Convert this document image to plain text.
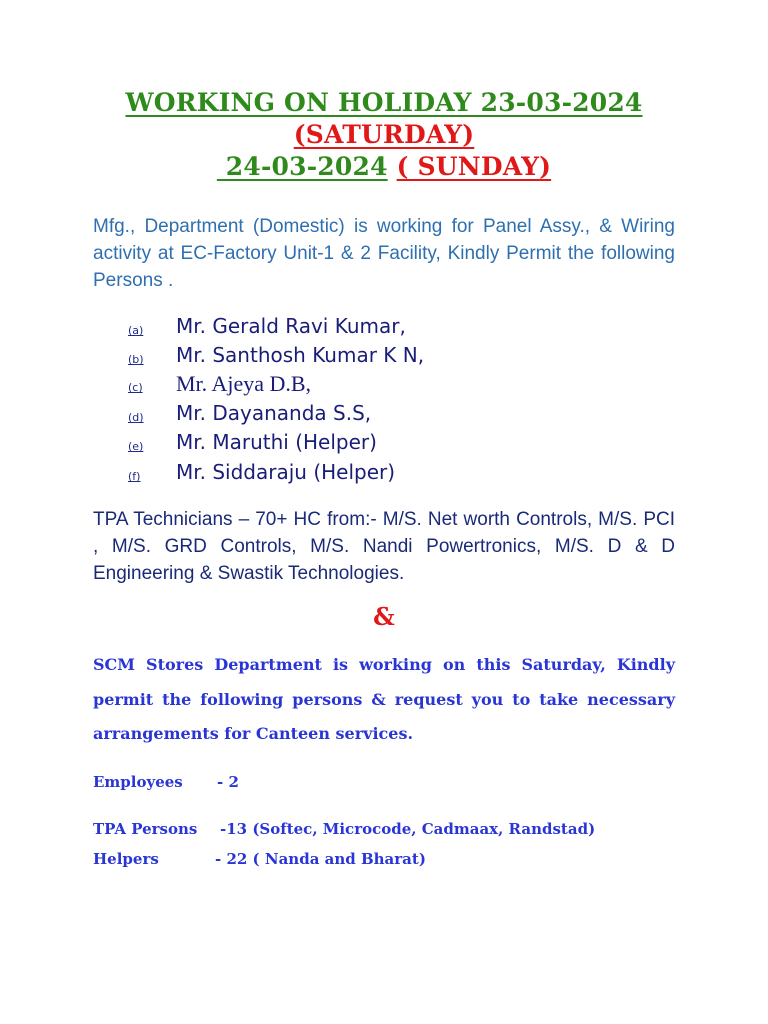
WORKING ON HOLIDAY 23-03-2024
(SATURDAY)
24-03-2024 ( SUNDAY)
Mfg., Department (Domestic) is working for Panel Assy., & Wiring activity at EC-Factory Unit-1 & 2 Facility, Kindly Permit the following Persons .
(a) Mr. Gerald Ravi Kumar,
(b) Mr. Santhosh Kumar K N,
(c) Mr. Ajeya D.B,
(d) Mr. Dayananda S.S,
(e) Mr. Maruthi (Helper)
(f) Mr. Siddaraju (Helper)
TPA Technicians – 70+ HC from:- M/S. Net worth Controls, M/S. PCI , M/S. GRD Controls, M/S. Nandi Powertronics, M/S. D & D Engineering & Swastik Technologies.
&
SCM Stores Department is working on this Saturday, Kindly permit the following persons & request you to take necessary arrangements for Canteen services.
Employees - 2
TPA Persons -13 (Softec, Microcode, Cadmaax, Randstad)
Helpers	- 22 ( Nanda and Bharat)
